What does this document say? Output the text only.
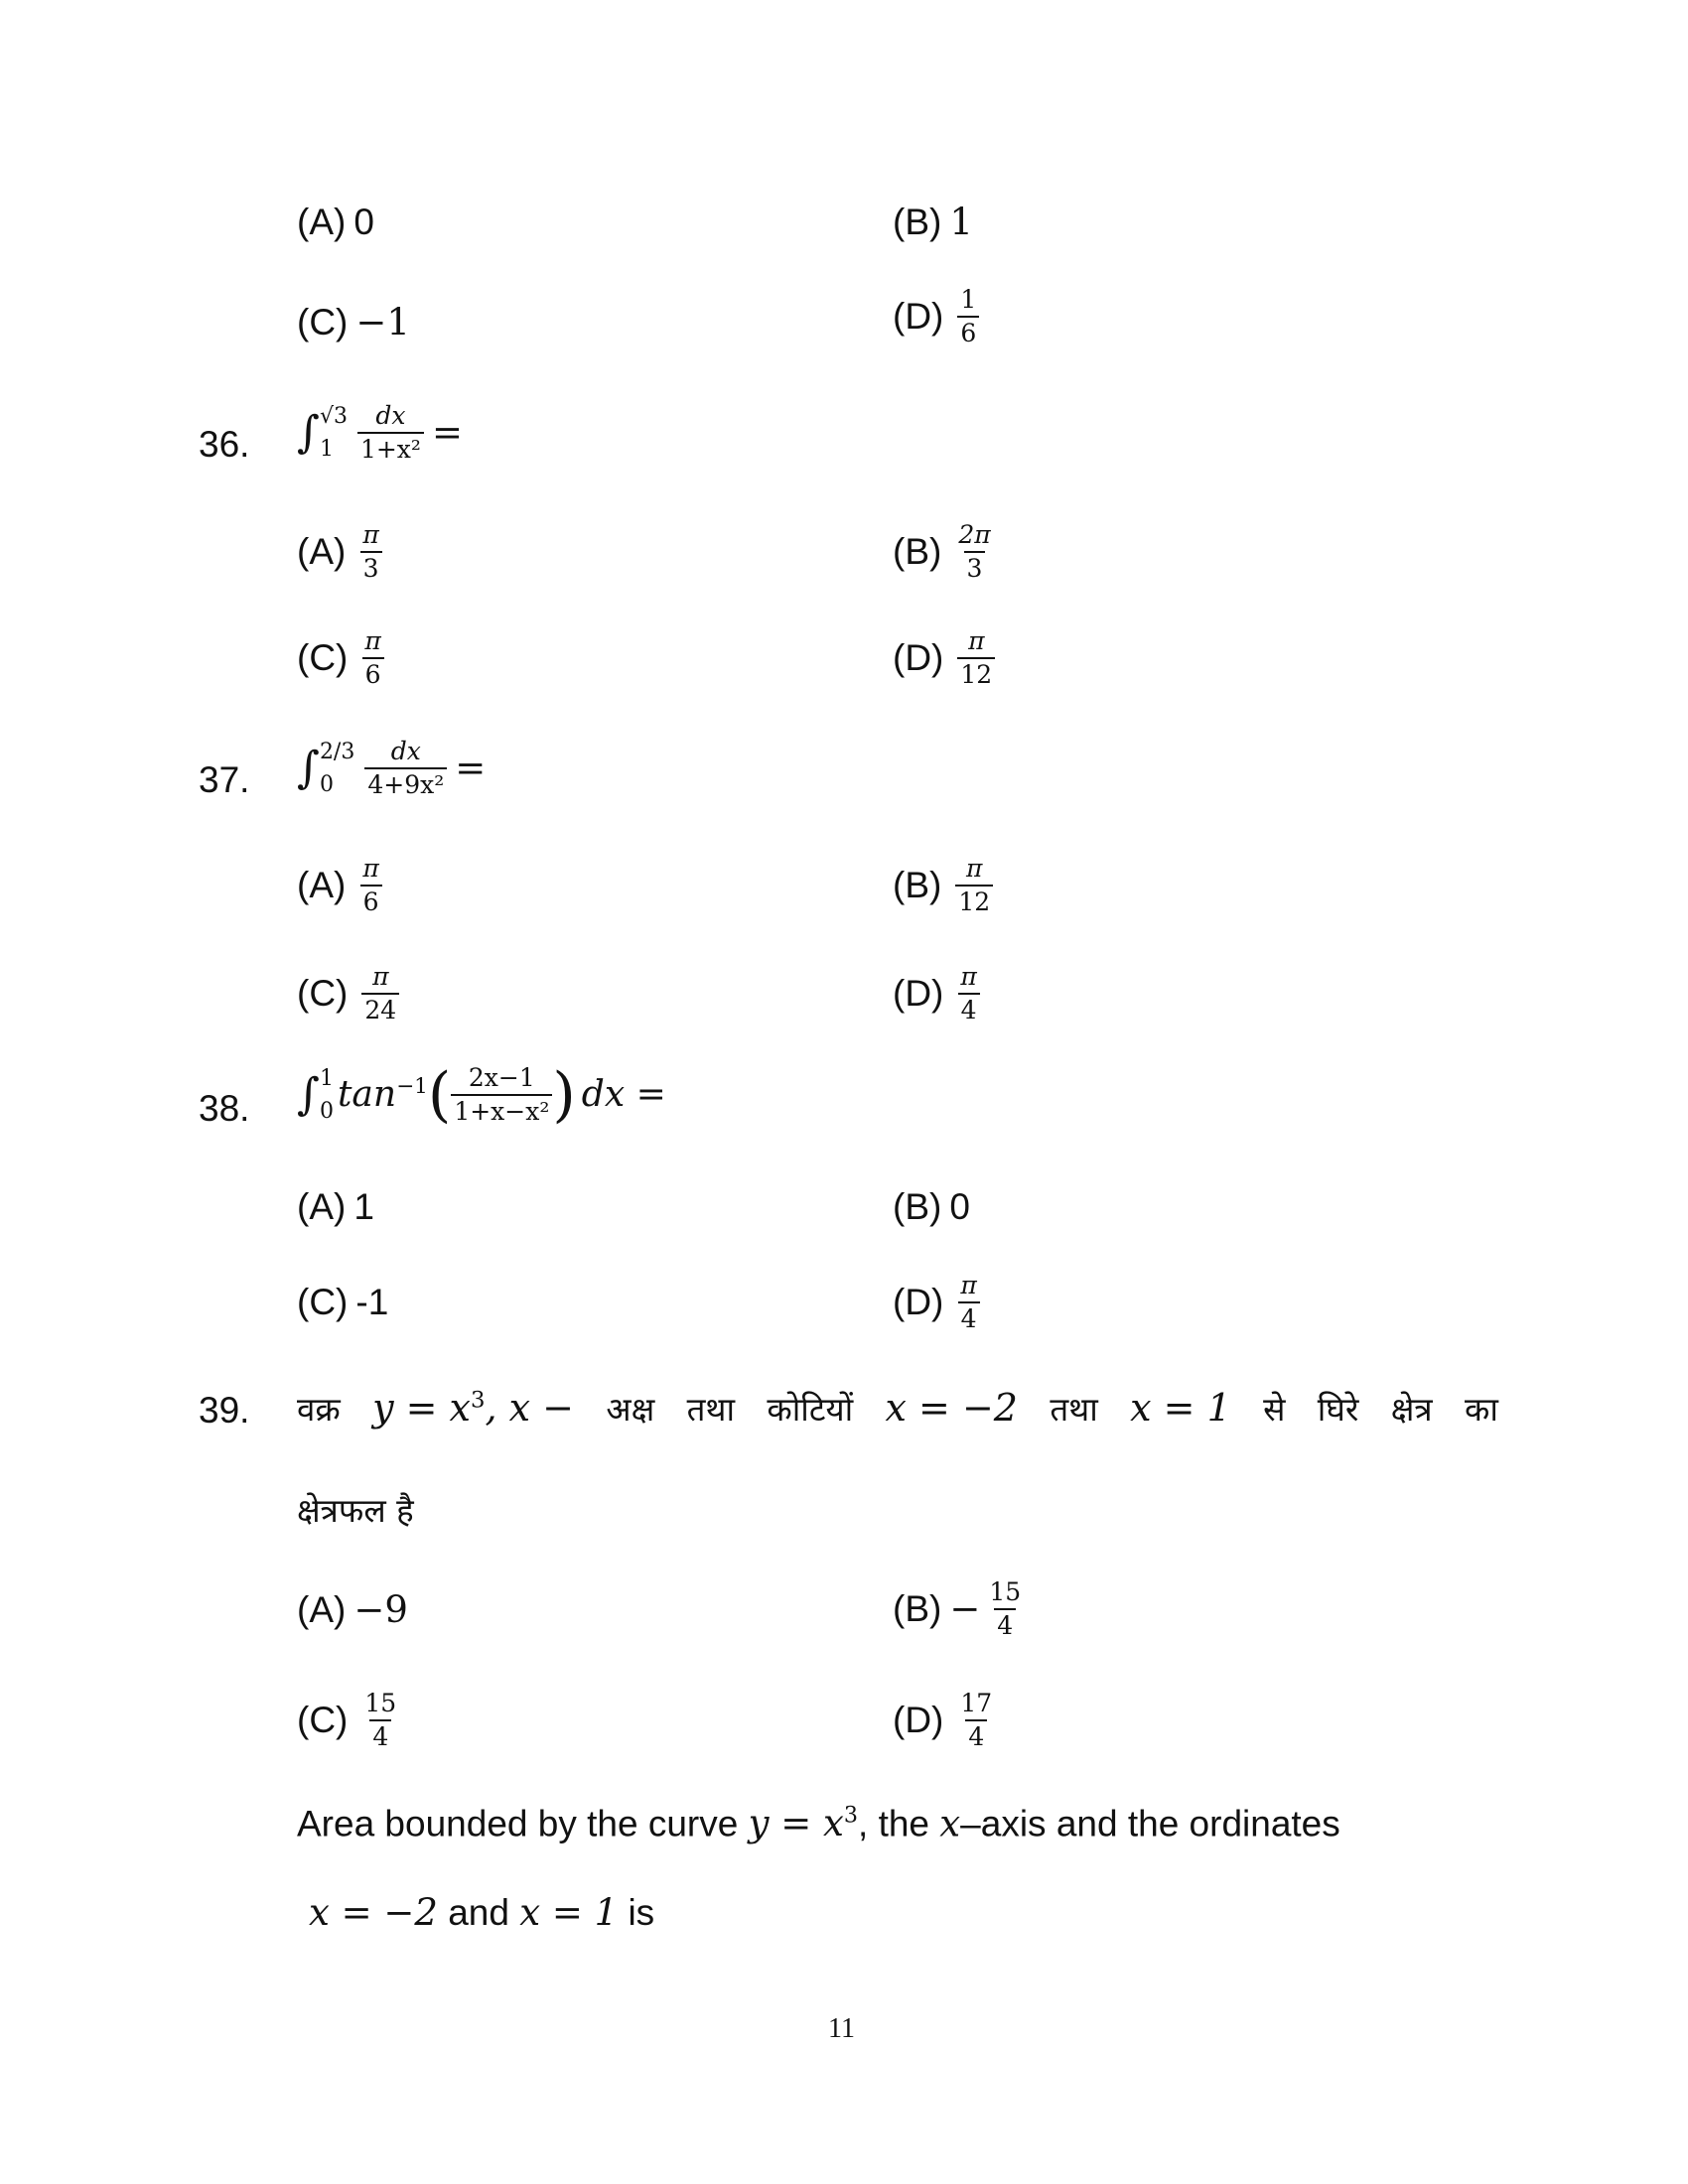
(A) 0	(B) 1
(C) −1	$(D) \frac{1}{6}$
36. ∫ √3
$1 \frac{dx}{\text{1+x²}}$ =
$(A) \frac{\pi}{3}$	$(B) \frac{2\pi}{3}$
$(C) \frac{\pi}{6}$	$(D) \frac{\pi}{12}$
37. ∫ 2/3
0	$\frac{dx}{\text{4+9x²}}$ =
$(A) \frac{\pi}{6}$	$(B) \frac{\pi}{12}$
$(C) \frac{\pi}{24}$	$(D) \frac{\pi}{4}$
38. ∫ 1
0 $\tan^{-1}$ ( $\frac{2x-1}{\text{1+x−x²}}$ ) dx =
(A) 1	(B) 0
(C) -1	$(D) \frac{\pi}{4}$
39. वक्र $y = x^3$, x − अक्ष तथा कोटियों x = −2 तथा x = 1 से घिरे क्षेत्र का
क्षेत्रफल है
(A) −9	$(B) - \frac{15}{4}$
$(C) \frac{15}{4}$	$(D) \frac{17}{4}$
Area bounded by the curve $y = x^3$, the x–axis and the ordinates
x = −2 and x = 1 is
11
